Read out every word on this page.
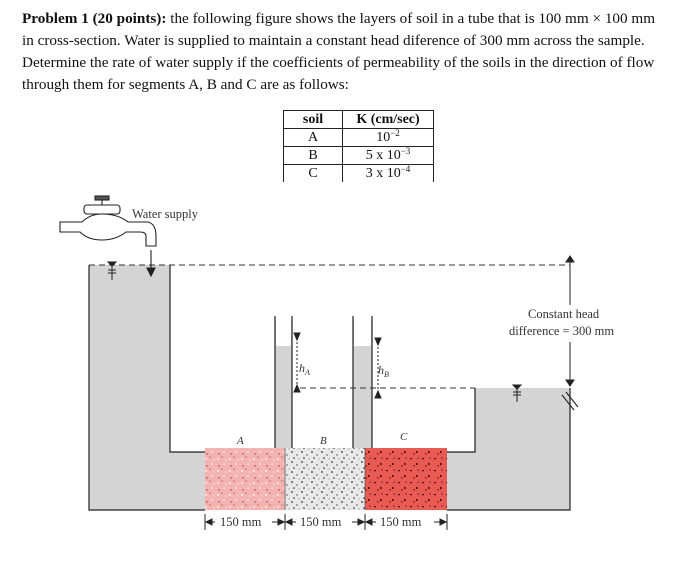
Problem 1 (20 points): the following figure shows the layers of soil in a tube that is 100 mm × 100 mm in cross-section. Water is supplied to maintain a constant head diference of 300 mm across the sample. Determine the rate of water supply if the coefficients of permeability of the soils in the direction of flow through them for segments A, B and C are as follows:
soil	K (cm/sec)
A	$10^{-2}$
B	5 x $10^{-3}$
C	3 x $10^{-4}$
Water supply
$h_A$	$h_B$
Constant head
difference = 300 mm
A	B	C
150 mm	150 mm	150 mm
